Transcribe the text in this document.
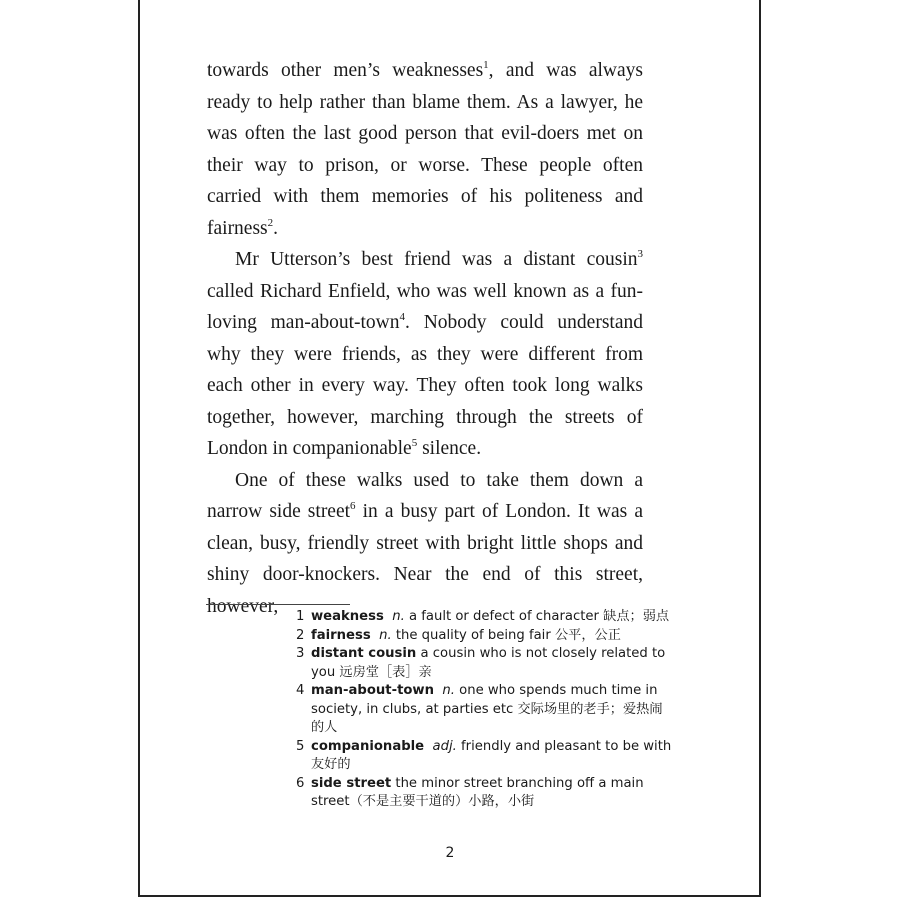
towards other men’s weaknesses$^1$, and was always ready to help rather than blame them. As a lawyer, he was often the last good person that evil-doers met on their way to prison, or worse. These people often carried with them memories of his politeness and fairness$^2$.

Mr Utterson’s best friend was a distant cousin$^3$ called Richard Enfield, who was well known as a fun-loving man-about-town$^4$. Nobody could understand why they were friends, as they were different from each other in every way. They often took long walks together, however, marching through the streets of London in companionable$^5$ silence.

One of these walks used to take them down a narrow side street$^6$ in a busy part of London. It was a clean, busy, friendly street with bright little shops and shiny door-knockers. Near the end of this street, however,	1 weakness n. a fault or defect of character 缺点；弱点
2 fairness n. the quality of being fair 公平，公正
3 distant cousin a cousin who is not closely related to you 远房堂［表］亲
4 man-about-town n. one who spends much time in society, in clubs, at parties etc 交际场里的老手；爱热闹的人
5 companionable adj. friendly and pleasant to be with 友好的
6 side street the minor street branching off a main street（不是主要干道的）小路，小街
2
